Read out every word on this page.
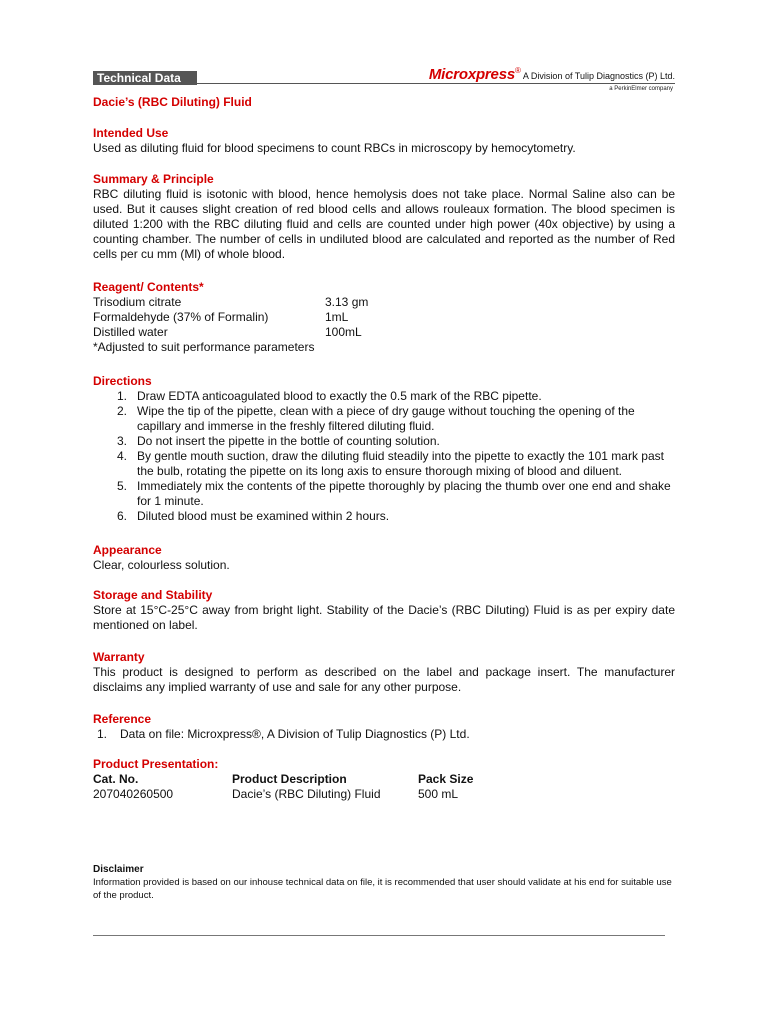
Technical Data	Microxpress® A Division of Tulip Diagnostics (P) Ltd.
a PerkinElmer company
Dacie’s (RBC Diluting) Fluid
Intended Use

Used as diluting fluid for blood specimens to count RBCs in microscopy by hemocytometry.

Summary & Principle

RBC diluting fluid is isotonic with blood, hence hemolysis does not take place. Normal Saline also can be used. But it causes slight creation of red blood cells and allows rouleaux formation. The blood specimen is diluted 1:200 with the RBC diluting fluid and cells are counted under high power (40x objective) by using a counting chamber. The number of cells in undiluted blood are calculated and reported as the number of Red cells per cu mm (Ml) of whole blood.

Reagent/ Contents*
Trisodium citrate	3.13 gm
Formaldehyde (37% of Formalin)	1mL
Distilled water	100mL

*Adjusted to suit performance parameters

Directions
1. Draw EDTA anticoagulated blood to exactly the 0.5 mark of the RBC pipette.
2. Wipe the tip of the pipette, clean with a piece of dry gauge without touching the opening of the capillary and immerse in the freshly filtered diluting fluid.
3. Do not insert the pipette in the bottle of counting solution.
4. By gentle mouth suction, draw the diluting fluid steadily into the pipette to exactly the 101 mark past the bulb, rotating the pipette on its long axis to ensure thorough mixing of blood and diluent.
5. Immediately mix the contents of the pipette thoroughly by placing the thumb over one end and shake for 1 minute.
6. Diluted blood must be examined within 2 hours.
Appearance

Clear, colourless solution.

Storage and Stability

Store at 15°C-25°C away from bright light. Stability of the Dacie’s (RBC Diluting) Fluid is as per expiry date mentioned on label.

Warranty

This product is designed to perform as described on the label and package insert. The manufacturer disclaims any implied warranty of use and sale for any other purpose.

Reference
1. Data on file: Microxpress®, A Division of Tulip Diagnostics (P) Ltd.
Product Presentation:
Cat. No.	Product Description	Pack Size
207040260500	Dacie’s (RBC Diluting) Fluid	500 mL
Disclaimer
Information provided is based on our inhouse technical data on file, it is recommended that user should validate at his end for suitable use of the product.
